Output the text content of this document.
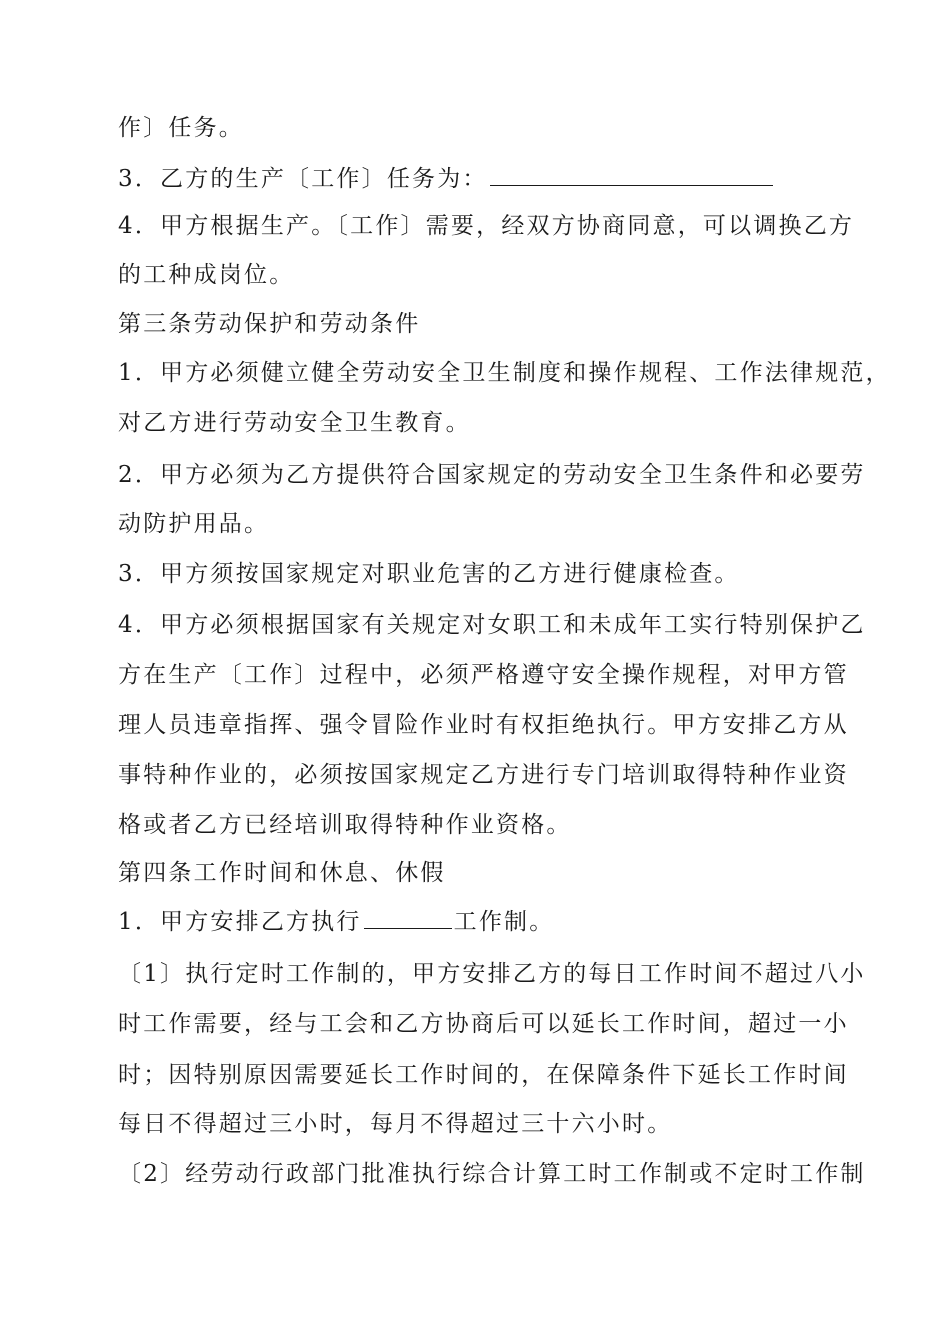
作〕任务。
3．乙方的生产〔工作〕任务为：
4．甲方根据生产。〔工作〕需要，经双方协商同意，可以调换乙方
的工种成岗位。
第三条劳动保护和劳动条件
1．甲方必须健立健全劳动安全卫生制度和操作规程、工作法律规范，
对乙方进行劳动安全卫生教育。
2．甲方必须为乙方提供符合国家规定的劳动安全卫生条件和必要劳
动防护用品。
3．甲方须按国家规定对职业危害的乙方进行健康检查。
4．甲方必须根据国家有关规定对女职工和未成年工实行特别保护乙
方在生产〔工作〕过程中，必须严格遵守安全操作规程，对甲方管
理人员违章指挥、强令冒险作业时有权拒绝执行。甲方安排乙方从
事特种作业的，必须按国家规定乙方进行专门培训取得特种作业资
格或者乙方已经培训取得特种作业资格。
第四条工作时间和休息、休假
1．甲方安排乙方执行	工作制。
〔1〕执行定时工作制的，甲方安排乙方的每日工作时间不超过八小
时工作需要，经与工会和乙方协商后可以延长工作时间，超过一小
时；因特别原因需要延长工作时间的，在保障条件下延长工作时间
每日不得超过三小时，每月不得超过三十六小时。
〔2〕经劳动行政部门批准执行综合计算工时工作制或不定时工作制
